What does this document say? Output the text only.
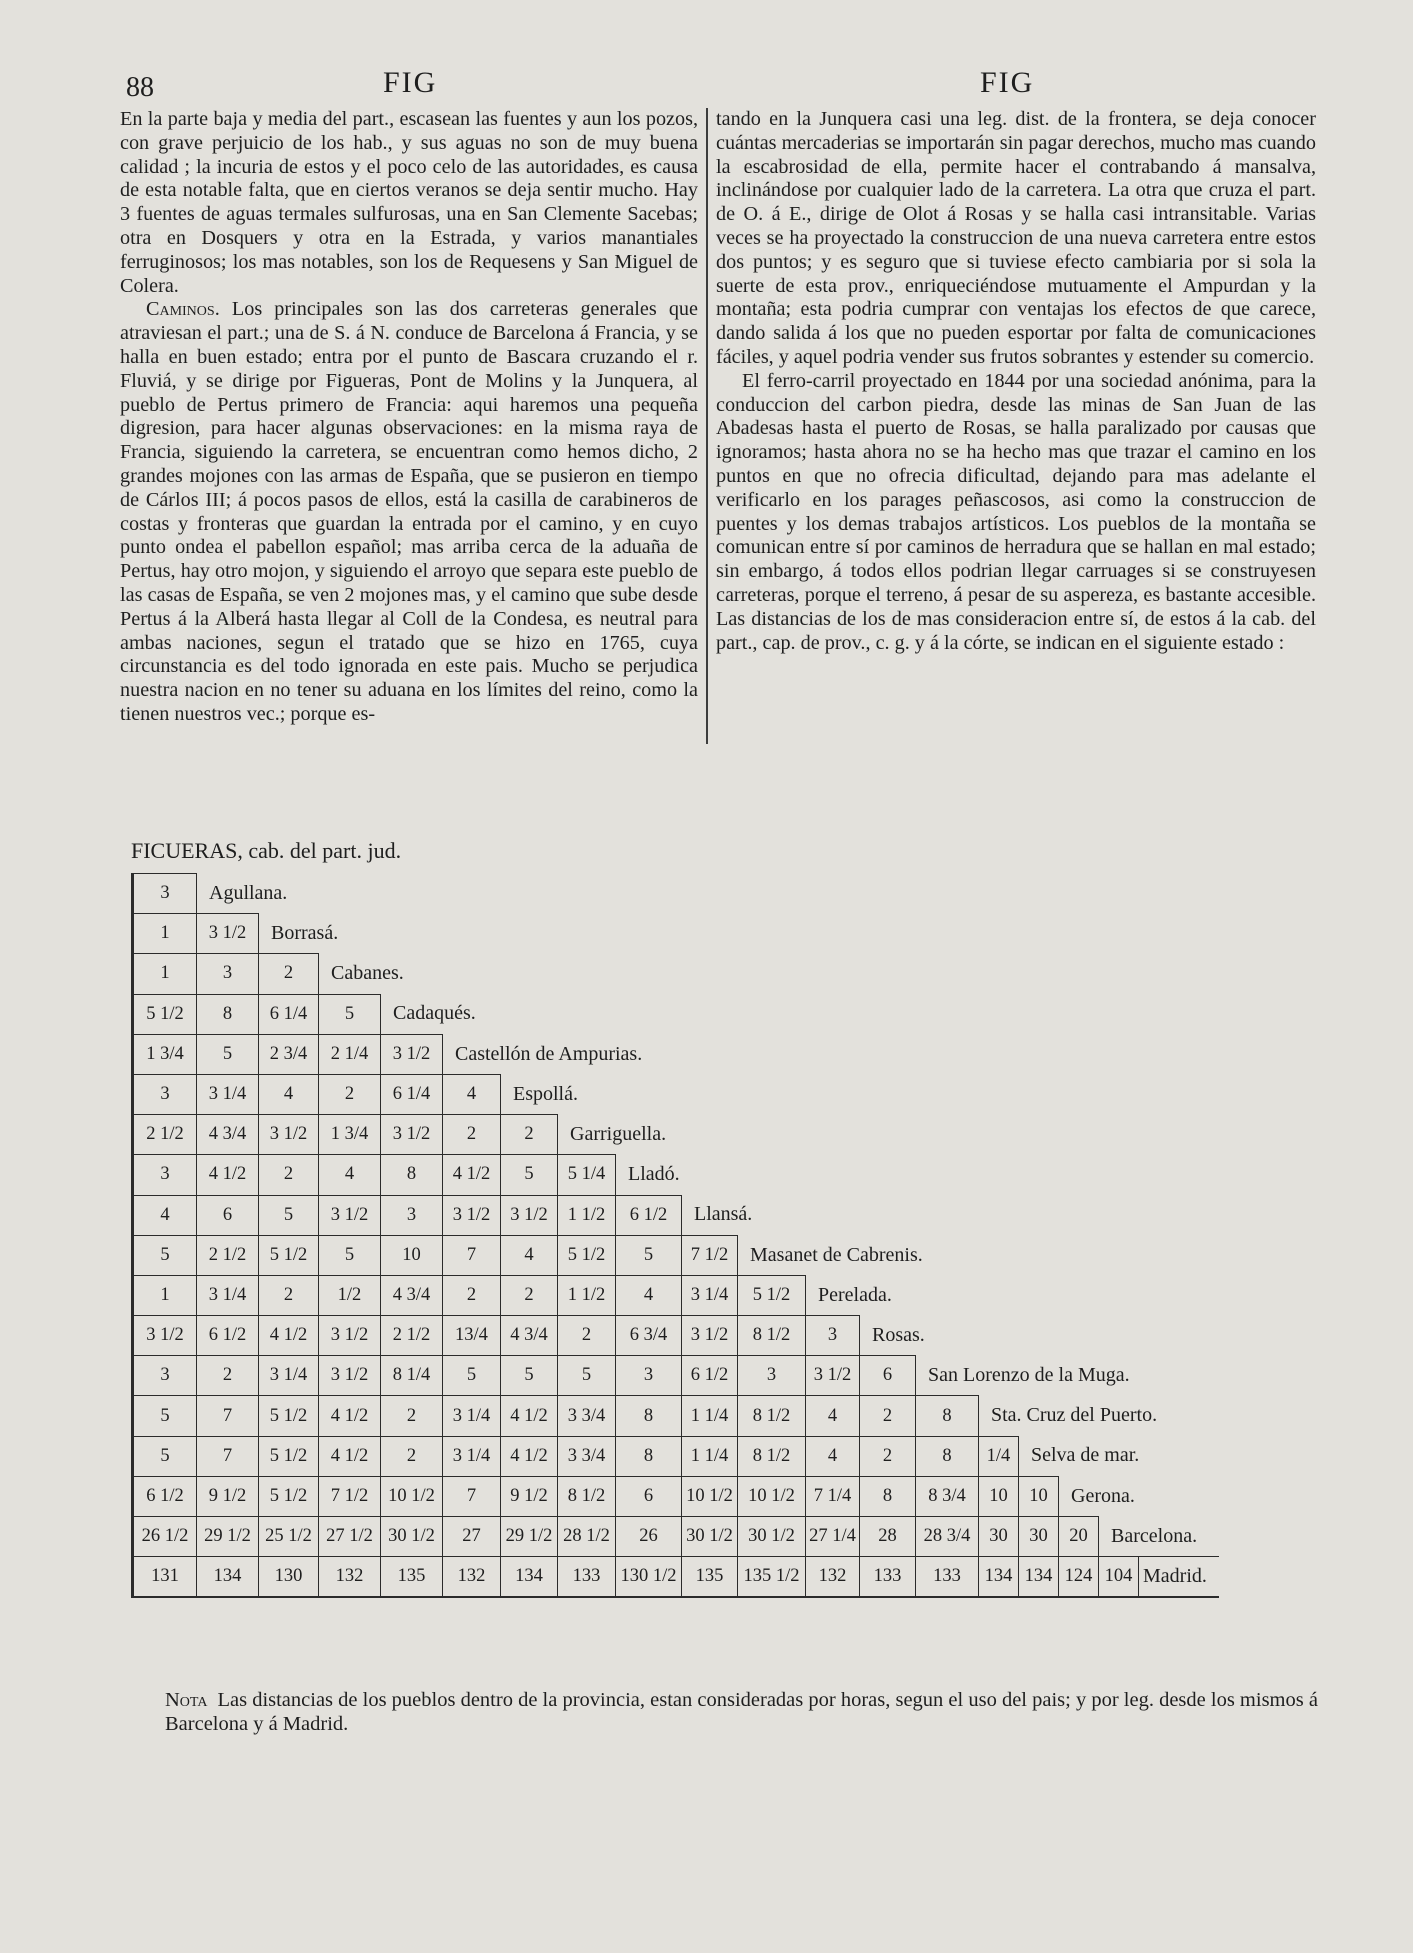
88	FIG	FIG

En la parte baja y media del part., escasean las fuentes y aun los pozos, con grave perjuicio de los hab., y sus aguas no son de muy buena calidad ; la incuria de estos y el poco celo de las autoridades, es causa de esta notable falta, que en ciertos veranos se deja sentir mucho. Hay 3 fuentes de aguas termales sulfurosas, una en San Clemente Sacebas; otra en Dosquers y otra en la Estrada, y varios manantiales ferruginosos; los mas notables, son los de Requesens y San Miguel de Colera.

Caminos. Los principales son las dos carreteras generales que atraviesan el part.; una de S. á N. conduce de Barcelona á Francia, y se halla en buen estado; entra por el punto de Bascara cruzando el r. Fluviá, y se dirige por Figueras, Pont de Molins y la Junquera, al pueblo de Pertus primero de Francia: aqui haremos una pequeña digresion, para hacer algunas observaciones: en la misma raya de Francia, siguiendo la carretera, se encuentran como hemos dicho, 2 grandes mojones con las armas de España, que se pusieron en tiempo de Cárlos III; á pocos pasos de ellos, está la casilla de carabineros de costas y fronteras que guardan la entrada por el camino, y en cuyo punto ondea el pabellon español; mas arriba cerca de la aduaña de Pertus, hay otro mojon, y siguiendo el arroyo que separa este pueblo de las casas de España, se ven 2 mojones mas, y el camino que sube desde Pertus á la Alberá hasta llegar al Coll de la Condesa, es neutral para ambas naciones, segun el tratado que se hizo en 1765, cuya circunstancia es del todo ignorada en este pais. Mucho se perjudica nuestra nacion en no tener su aduana en los límites del reino, como la tienen nuestros vec.; porque es-

tando en la Junquera casi una leg. dist. de la frontera, se deja conocer cuántas mercaderias se importarán sin pagar derechos, mucho mas cuando la escabrosidad de ella, permite hacer el contrabando á mansalva, inclinándose por cualquier lado de la carretera. La otra que cruza el part. de O. á E., dirige de Olot á Rosas y se halla casi intransitable. Varias veces se ha proyectado la construccion de una nueva carretera entre estos dos puntos; y es seguro que si tuviese efecto cambiaria por si sola la suerte de esta prov., enriqueciéndose mutuamente el Ampurdan y la montaña; esta podria cumprar con ventajas los efectos de que carece, dando salida á los que no pueden esportar por falta de comunicaciones fáciles, y aquel podria vender sus frutos sobrantes y estender su comercio.

El ferro-carril proyectado en 1844 por una sociedad anónima, para la conduccion del carbon piedra, desde las minas de San Juan de las Abadesas hasta el puerto de Rosas, se halla paralizado por causas que ignoramos; hasta ahora no se ha hecho mas que trazar el camino en los puntos en que no ofrecia dificultad, dejando para mas adelante el verificarlo en los parages peñascosos, asi como la construccion de puentes y los demas trabajos artísticos. Los pueblos de la montaña se comunican entre sí por caminos de herradura que se hallan en mal estado; sin embargo, á todos ellos podrian llegar carruages si se construyesen carreteras, porque el terreno, á pesar de su aspereza, es bastante accesible. Las distancias de los de mas consideracion entre sí, de estos á la cab. del part., cap. de prov., c. g. y á la córte, se indican en el siguiente estado :

FICUERAS, cab. del part. jud.
3	Agullana.																	
1	3 1/2	Borrasá.																
1	3	2	Cabanes.															
5 1/2	8	6 1/4	5	Cadaqués.														
1 3/4	5	2 3/4	2 1/4	3 1/2	Castellón de Ampurias.													
3	3 1/4	4	2	6 1/4	4	Espollá.												
2 1/2	4 3/4	3 1/2	1 3/4	3 1/2	2	2	Garriguella.											
3	4 1/2	2	4	8	4 1/2	5	5 1/4	Lladó.										
4	6	5	3 1/2	3	3 1/2	3 1/2	1 1/2	6 1/2	Llansá.									
5	2 1/2	5 1/2	5	10	7	4	5 1/2	5	7 1/2	Masanet de Cabrenis.								
1	3 1/4	2	1/2	4 3/4	2	2	1 1/2	4	3 1/4	5 1/2	Perelada.							
3 1/2	6 1/2	4 1/2	3 1/2	2 1/2	13/4	4 3/4	2	6 3/4	3 1/2	8 1/2	3	Rosas.						
3	2	3 1/4	3 1/2	8 1/4	5	5	5	3	6 1/2	3	3 1/2	6	San Lorenzo de la Muga.					
5	7	5 1/2	4 1/2	2	3 1/4	4 1/2	3 3/4	8	1 1/4	8 1/2	4	2	8	Sta. Cruz del Puerto.				
5	7	5 1/2	4 1/2	2	3 1/4	4 1/2	3 3/4	8	1 1/4	8 1/2	4	2	8	1/4	Selva de mar.			
6 1/2	9 1/2	5 1/2	7 1/2	10 1/2	7	9 1/2	8 1/2	6	10 1/2	10 1/2	7 1/4	8	8 3/4	10	10	Gerona.		
26 1/2	29 1/2	25 1/2	27 1/2	30 1/2	27	29 1/2	28 1/2	26	30 1/2	30 1/2	27 1/4	28	28 3/4	30	30	20	Barcelona.	
131	134	130	132	135	132	134	133	130 1/2	135	135 1/2	132	133	133	134	134	124	104	Madrid.
Nota Las distancias de los pueblos dentro de la provincia, estan consideradas por horas, segun el uso del pais; y por leg. desde los mismos á Barcelona y á Madrid.
